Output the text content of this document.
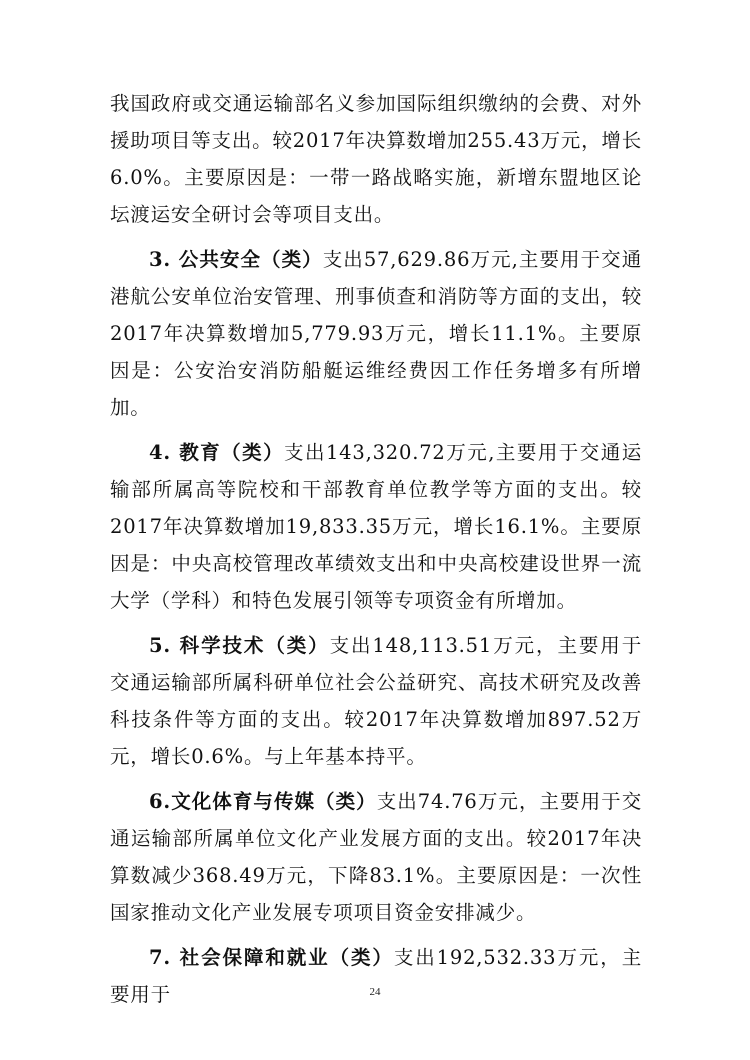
我国政府或交通运输部名义参加国际组织缴纳的会费、对外援助项目等支出。较2017年决算数增加255.43万元，增长6.0%。主要原因是：一带一路战略实施，新增东盟地区论坛渡运安全研讨会等项目支出。

3. 公共安全（类）支出57,629.86万元,主要用于交通港航公安单位治安管理、刑事侦查和消防等方面的支出，较2017年决算数增加5,779.93万元，增长11.1%。主要原因是：公安治安消防船艇运维经费因工作任务增多有所增加。

4. 教育（类）支出143,320.72万元,主要用于交通运输部所属高等院校和干部教育单位教学等方面的支出。较2017年决算数增加19,833.35万元，增长16.1%。主要原因是：中央高校管理改革绩效支出和中央高校建设世界一流大学（学科）和特色发展引领等专项资金有所增加。

5. 科学技术（类）支出148,113.51万元，主要用于交通运输部所属科研单位社会公益研究、高技术研究及改善科技条件等方面的支出。较2017年决算数增加897.52万元，增长0.6%。与上年基本持平。

6.文化体育与传媒（类）支出74.76万元，主要用于交通运输部所属单位文化产业发展方面的支出。较2017年决算数减少368.49万元，下降83.1%。主要原因是：一次性国家推动文化产业发展专项项目资金安排减少。

7. 社会保障和就业（类）支出192,532.33万元，主要用于	24
